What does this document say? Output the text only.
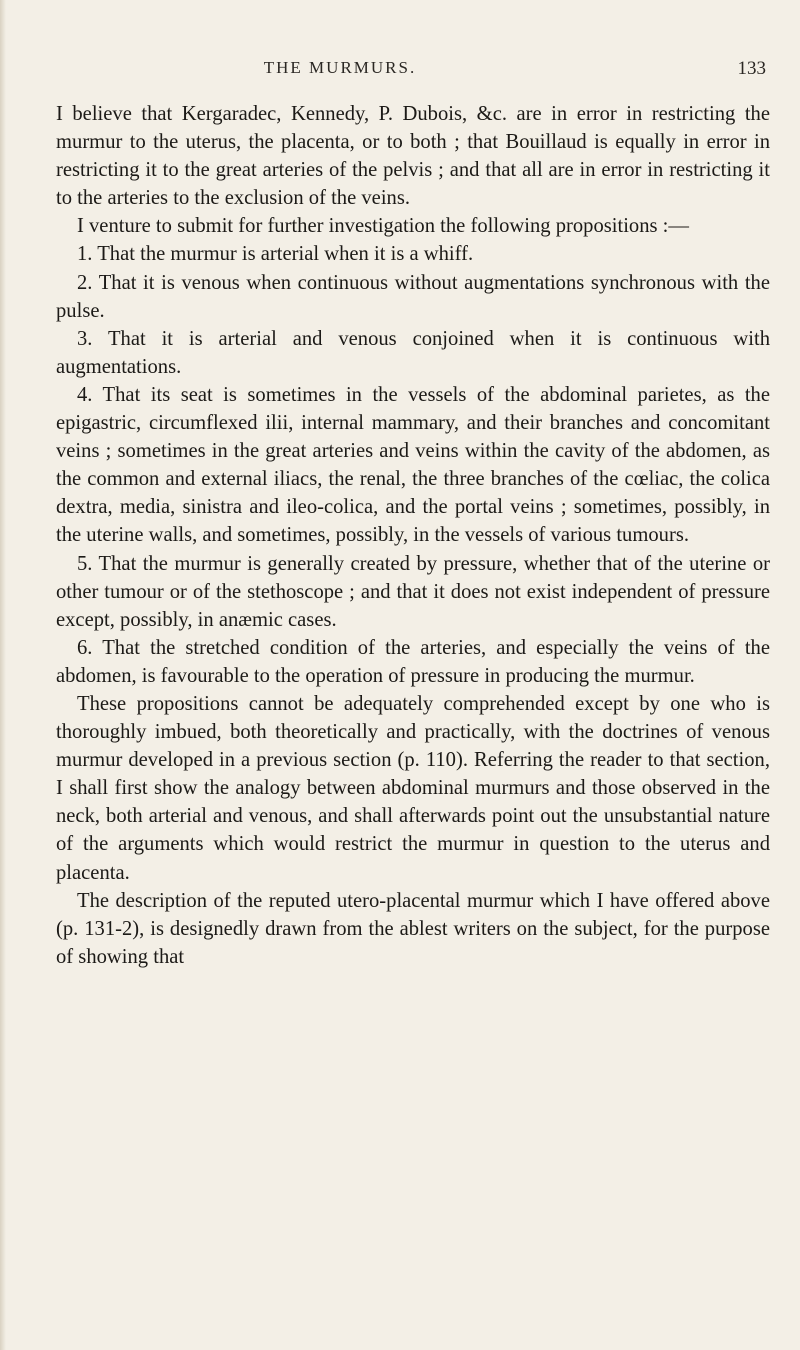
THE MURMURS.	133

I believe that Kergaradec, Kennedy, P. Dubois, &c. are in error in restricting the murmur to the uterus, the placenta, or to both ; that Bouillaud is equally in error in restricting it to the great arteries of the pelvis ; and that all are in error in restricting it to the arteries to the exclusion of the veins.

I venture to submit for further investigation the following propositions :—

1. That the murmur is arterial when it is a whiff.

2. That it is venous when continuous without augmentations synchronous with the pulse.

3. That it is arterial and venous conjoined when it is continuous with augmentations.

4. That its seat is sometimes in the vessels of the abdominal parietes, as the epigastric, circumflexed ilii, internal mammary, and their branches and concomitant veins ; sometimes in the great arteries and veins within the cavity of the abdomen, as the common and external iliacs, the renal, the three branches of the cœliac, the colica dextra, media, sinistra and ileo-colica, and the portal veins ; sometimes, possibly, in the uterine walls, and sometimes, possibly, in the vessels of various tumours.

5. That the murmur is generally created by pressure, whether that of the uterine or other tumour or of the stethoscope ; and that it does not exist independent of pressure except, possibly, in anæmic cases.

6. That the stretched condition of the arteries, and especially the veins of the abdomen, is favourable to the operation of pressure in producing the murmur.

These propositions cannot be adequately comprehended except by one who is thoroughly imbued, both theoretically and practically, with the doctrines of venous murmur developed in a previous section (p. 110). Referring the reader to that section, I shall first show the analogy between abdominal murmurs and those observed in the neck, both arterial and venous, and shall afterwards point out the unsubstantial nature of the arguments which would restrict the murmur in question to the uterus and placenta.

The description of the reputed utero-placental murmur which I have offered above (p. 131-2), is designedly drawn from the ablest writers on the subject, for the purpose of showing that
